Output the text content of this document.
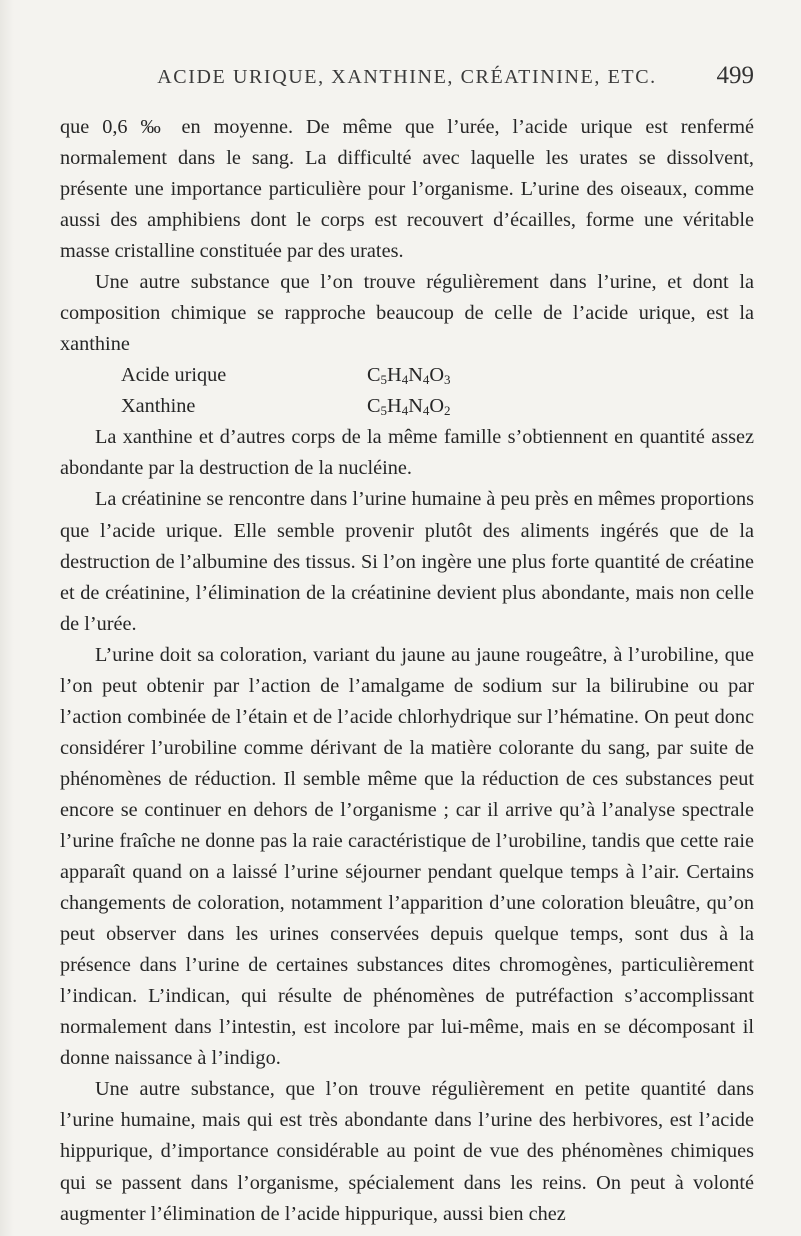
ACIDE URIQUE, XANTHINE, CRÉATININE, ETC.	499

que 0,6 ‰ en moyenne. De même que l’urée, l’acide urique est renfermé normalement dans le sang. La difficulté avec laquelle les urates se dissolvent, présente une importance particulière pour l’organisme. L’urine des oiseaux, comme aussi des amphibiens dont le corps est recouvert d’écailles, forme une véritable masse cristalline constituée par des urates.

Une autre substance que l’on trouve régulièrement dans l’urine, et dont la composition chimique se rapproche beaucoup de celle de l’acide urique, est la xanthine

Acide urique	$C_5H_4N_4O_3$
Xanthine	$C_5H_4N_4O_2$

La xanthine et d’autres corps de la même famille s’obtiennent en quantité assez abondante par la destruction de la nucléine.

La créatinine se rencontre dans l’urine humaine à peu près en mêmes proportions que l’acide urique. Elle semble provenir plutôt des aliments ingérés que de la destruction de l’albumine des tissus. Si l’on ingère une plus forte quantité de créatine et de créatinine, l’élimination de la créatinine devient plus abondante, mais non celle de l’urée.

L’urine doit sa coloration, variant du jaune au jaune rougeâtre, à l’urobiline, que l’on peut obtenir par l’action de l’amalgame de sodium sur la bilirubine ou par l’action combinée de l’étain et de l’acide chlorhydrique sur l’hématine. On peut donc considérer l’urobiline comme dérivant de la matière colorante du sang, par suite de phénomènes de réduction. Il semble même que la réduction de ces substances peut encore se continuer en dehors de l’organisme ; car il arrive qu’à l’analyse spectrale l’urine fraîche ne donne pas la raie caractéristique de l’urobiline, tandis que cette raie apparaît quand on a laissé l’urine séjourner pendant quelque temps à l’air. Certains changements de coloration, notamment l’apparition d’une coloration bleuâtre, qu’on peut observer dans les urines conservées depuis quelque temps, sont dus à la présence dans l’urine de certaines substances dites chromogènes, particulièrement l’indican. L’indican, qui résulte de phénomènes de putréfaction s’accomplissant normalement dans l’intestin, est incolore par lui-même, mais en se décomposant il donne naissance à l’indigo.

Une autre substance, que l’on trouve régulièrement en petite quantité dans l’urine humaine, mais qui est très abondante dans l’urine des herbivores, est l’acide hippurique, d’importance considérable au point de vue des phénomènes chimiques qui se passent dans l’organisme, spécialement dans les reins. On peut à volonté augmenter l’élimination de l’acide hippurique, aussi bien chez
